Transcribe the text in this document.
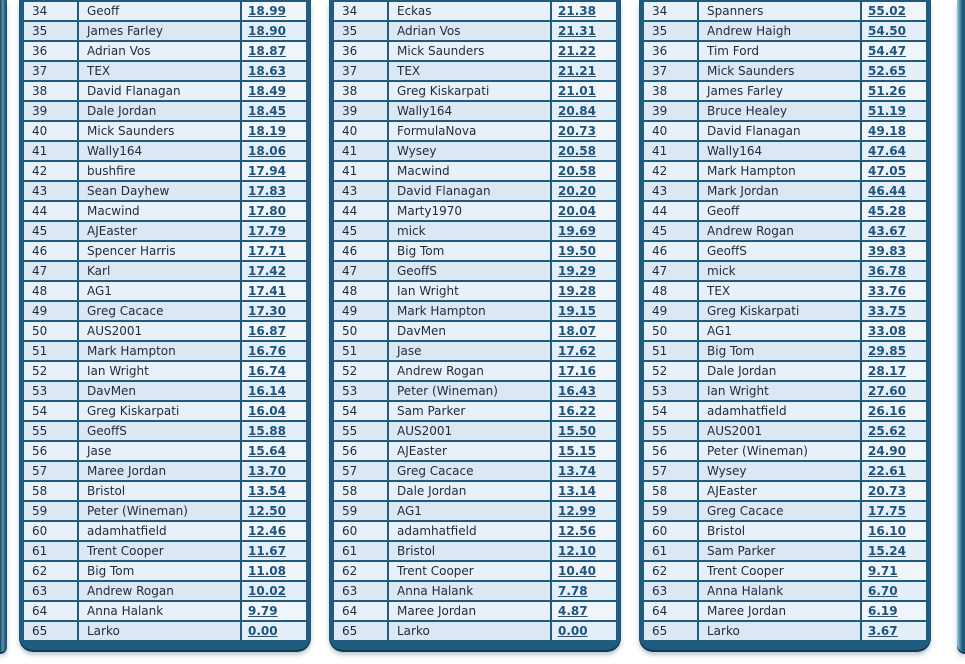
34	Geoff	18.99
35	James Farley	18.90
36	Adrian Vos	18.87
37	TEX	18.63
38	David Flanagan	18.49
39	Dale Jordan	18.45
40	Mick Saunders	18.19
41	Wally164	18.06
42	bushfire	17.94
43	Sean Dayhew	17.83
44	Macwind	17.80
45	AJEaster	17.79
46	Spencer Harris	17.71
47	Karl	17.42
48	AG1	17.41
49	Greg Cacace	17.30
50	AUS2001	16.87
51	Mark Hampton	16.76
52	Ian Wright	16.74
53	DavMen	16.14
54	Greg Kiskarpati	16.04
55	GeoffS	15.88
56	Jase	15.64
57	Maree Jordan	13.70
58	Bristol	13.54
59	Peter (Wineman)	12.50
60	adamhatfield	12.46
61	Trent Cooper	11.67
62	Big Tom	11.08
63	Andrew Rogan	10.02
64	Anna Halank	9.79
65	Larko	0.00
34	Eckas	21.38
35	Adrian Vos	21.31
36	Mick Saunders	21.22
37	TEX	21.21
38	Greg Kiskarpati	21.01
39	Wally164	20.84
40	FormulaNova	20.73
41	Wysey	20.58
41	Macwind	20.58
43	David Flanagan	20.20
44	Marty1970	20.04
45	mick	19.69
46	Big Tom	19.50
47	GeoffS	19.29
48	Ian Wright	19.28
49	Mark Hampton	19.15
50	DavMen	18.07
51	Jase	17.62
52	Andrew Rogan	17.16
53	Peter (Wineman)	16.43
54	Sam Parker	16.22
55	AUS2001	15.50
56	AJEaster	15.15
57	Greg Cacace	13.74
58	Dale Jordan	13.14
59	AG1	12.99
60	adamhatfield	12.56
61	Bristol	12.10
62	Trent Cooper	10.40
63	Anna Halank	7.78
64	Maree Jordan	4.87
65	Larko	0.00
34	Spanners	55.02
35	Andrew Haigh	54.50
36	Tim Ford	54.47
37	Mick Saunders	52.65
38	James Farley	51.26
39	Bruce Healey	51.19
40	David Flanagan	49.18
41	Wally164	47.64
42	Mark Hampton	47.05
43	Mark Jordan	46.44
44	Geoff	45.28
45	Andrew Rogan	43.67
46	GeoffS	39.83
47	mick	36.78
48	TEX	33.76
49	Greg Kiskarpati	33.75
50	AG1	33.08
51	Big Tom	29.85
52	Dale Jordan	28.17
53	Ian Wright	27.60
54	adamhatfield	26.16
55	AUS2001	25.62
56	Peter (Wineman)	24.90
57	Wysey	22.61
58	AJEaster	20.73
59	Greg Cacace	17.75
60	Bristol	16.10
61	Sam Parker	15.24
62	Trent Cooper	9.71
63	Anna Halank	6.70
64	Maree Jordan	6.19
65	Larko	3.67
